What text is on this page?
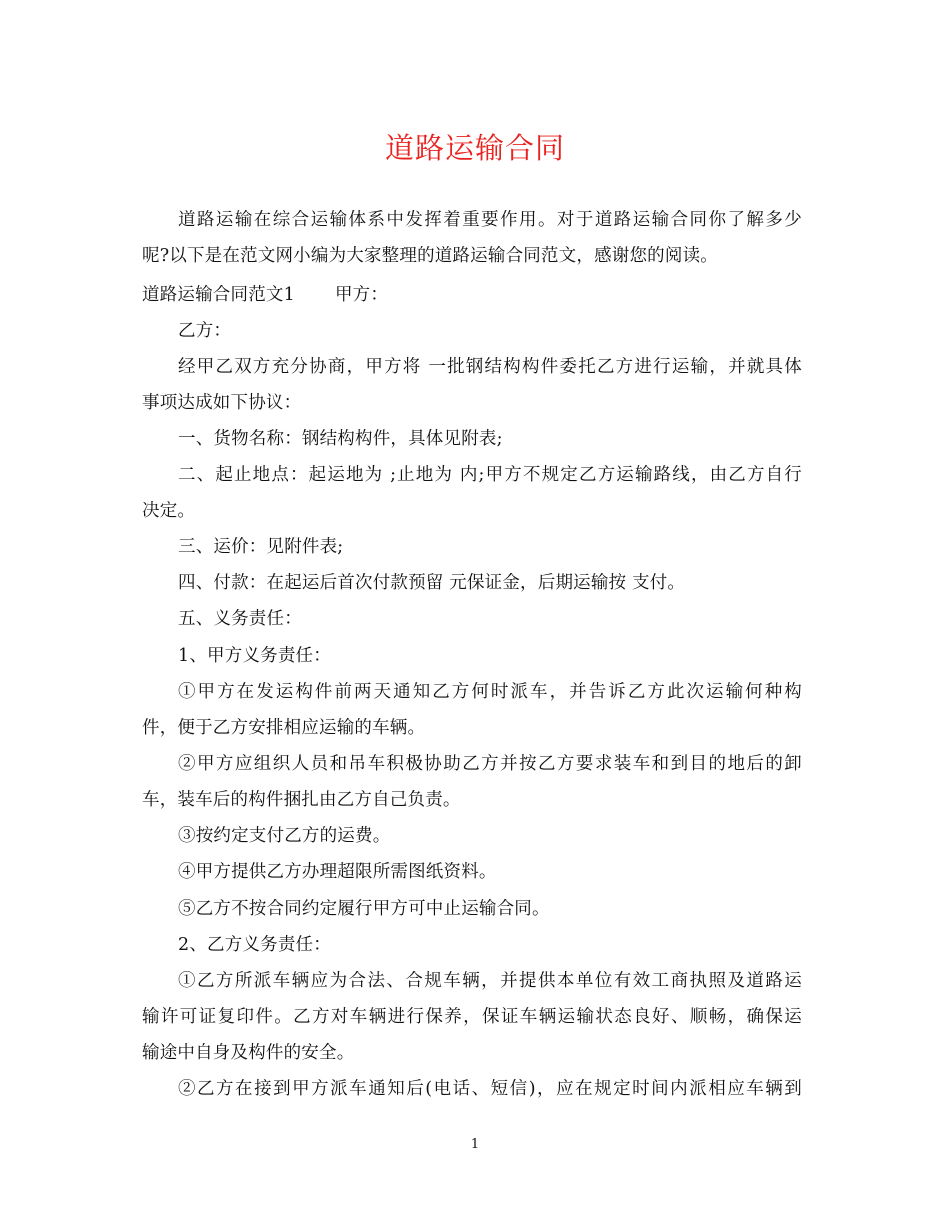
道路运输合同
道路运输在综合运输体系中发挥着重要作用。对于道路运输合同你了解多少
呢?以下是在范文网小编为大家整理的道路运输合同范文，感谢您的阅读。
道路运输合同范文1 甲方：
乙方：
经甲乙双方充分协商，甲方将 一批钢结构构件委托乙方进行运输，并就具体
事项达成如下协议：
一、货物名称：钢结构构件，具体见附表;
二、起止地点：起运地为 ;止地为 内;甲方不规定乙方运输路线，由乙方自行
决定。
三、运价：见附件表;
四、付款：在起运后首次付款预留 元保证金，后期运输按 支付。
五、义务责任：
1、甲方义务责任：
①甲方在发运构件前两天通知乙方何时派车，并告诉乙方此次运输何种构
件，便于乙方安排相应运输的车辆。
②甲方应组织人员和吊车积极协助乙方并按乙方要求装车和到目的地后的卸
车，装车后的构件捆扎由乙方自己负责。
③按约定支付乙方的运费。
④甲方提供乙方办理超限所需图纸资料。
⑤乙方不按合同约定履行甲方可中止运输合同。
2、乙方义务责任：
①乙方所派车辆应为合法、合规车辆，并提供本单位有效工商执照及道路运
输许可证复印件。乙方对车辆进行保养，保证车辆运输状态良好、顺畅，确保运
输途中自身及构件的安全。
②乙方在接到甲方派车通知后(电话、短信)，应在规定时间内派相应车辆到
1
